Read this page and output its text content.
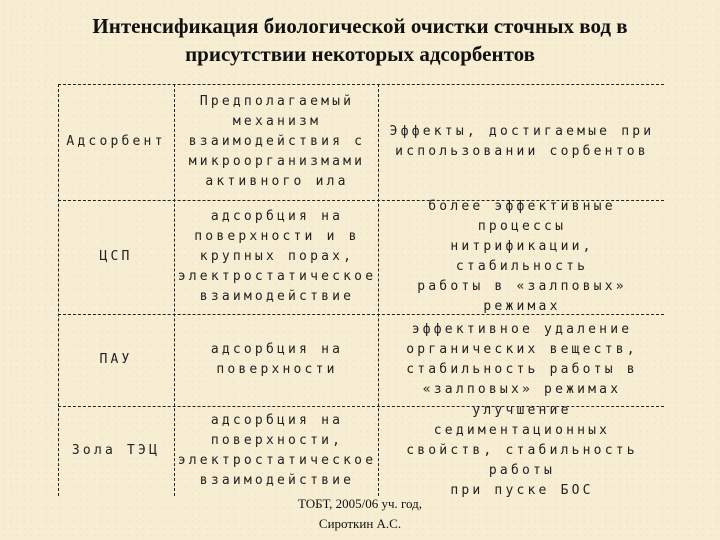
Интенсификация биологической очистки сточных вод в
присутствии некоторых адсорбентов
Адсорбент
Предполагаемый
механизм
взаимодействия с
микроорганизмами
активного ила
Эффекты, достигаемые при
использовании сорбентов
ЦСП
адсорбция на
поверхности и в
крупных порах,
электростатическое
взаимодействие
более эффективные процессы
нитрификации, стабильность
работы в «залповых» режимах
ПАУ
адсорбция на
поверхности
эффективное удаление
органических веществ,
стабильность работы в
«залповых» режимах
Зола ТЭЦ
адсорбция на
поверхности,
электростатическое
взаимодействие
улучшение седиментационных
свойств, стабильность работы
при пуске БОС
ТОБТ, 2005/06 уч. год,
Сироткин А.С.
